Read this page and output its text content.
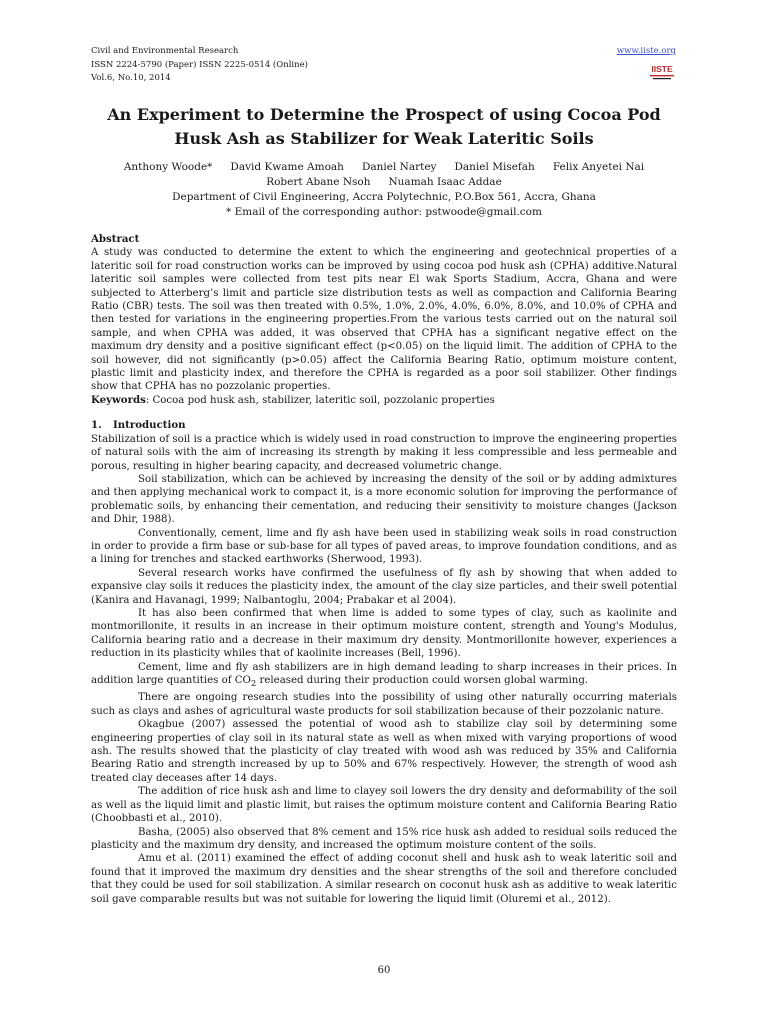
Civil and Environmental Research
ISSN 2224-5790 (Paper) ISSN 2225-0514 (Online)
Vol.6, No.10, 2014
www.iiste.org
IISTE
An Experiment to Determine the Prospect of using Cocoa Pod
Husk Ash as Stabilizer for Weak Lateritic Soils
Anthony Woode* David Kwame Amoah Daniel Nartey Daniel Misefah Felix Anyetei Nai
Robert Abane Nsoh Nuamah Isaac Addae
Department of Civil Engineering, Accra Polytechnic, P.O.Box 561, Accra, Ghana
* Email of the corresponding author: pstwoode@gmail.com
Abstract

A study was conducted to determine the extent to which the engineering and geotechnical properties of a lateritic soil for road construction works can be improved by using cocoa pod husk ash (CPHA) additive.Natural lateritic soil samples were collected from test pits near El wak Sports Stadium, Accra, Ghana and were subjected to Atterberg’s limit and particle size distribution tests as well as compaction and California Bearing Ratio (CBR) tests. The soil was then treated with 0.5%, 1.0%, 2.0%, 4.0%, 6.0%, 8.0%, and 10.0% of CPHA and then tested for variations in the engineering properties.From the various tests carried out on the natural soil sample, and when CPHA was added, it was observed that CPHA has a significant negative effect on the maximum dry density and a positive significant effect (p<0.05) on the liquid limit. The addition of CPHA to the soil however, did not significantly (p>0.05) affect the California Bearing Ratio, optimum moisture content, plastic limit and plasticity index, and therefore the CPHA is regarded as a poor soil stabilizer. Other findings show that CPHA has no pozzolanic properties.

Keywords: Cocoa pod husk ash, stabilizer, lateritic soil, pozzolanic properties

1. Introduction

Stabilization of soil is a practice which is widely used in road construction to improve the engineering properties of natural soils with the aim of increasing its strength by making it less compressible and less permeable and porous, resulting in higher bearing capacity, and decreased volumetric change.

Soil stabilization, which can be achieved by increasing the density of the soil or by adding admixtures and then applying mechanical work to compact it, is a more economic solution for improving the performance of problematic soils, by enhancing their cementation, and reducing their sensitivity to moisture changes (Jackson and Dhir, 1988).

Conventionally, cement, lime and fly ash have been used in stabilizing weak soils in road construction in order to provide a firm base or sub-base for all types of paved areas, to improve foundation conditions, and as a lining for trenches and stacked earthworks (Sherwood, 1993).

Several research works have confirmed the usefulness of fly ash by showing that when added to expansive clay soils it reduces the plasticity index, the amount of the clay size particles, and their swell potential (Kanira and Havanagi, 1999; Nalbantoglu, 2004; Prabakar et al 2004).

It has also been confirmed that when lime is added to some types of clay, such as kaolinite and montmorillonite, it results in an increase in their optimum moisture content, strength and Young's Modulus, California bearing ratio and a decrease in their maximum dry density. Montmorillonite however, experiences a reduction in its plasticity whiles that of kaolinite increases (Bell, 1996).

Cement, lime and fly ash stabilizers are in high demand leading to sharp increases in their prices. In addition large quantities of $CO_2$ released during their production could worsen global warming.

There are ongoing research studies into the possibility of using other naturally occurring materials such as clays and ashes of agricultural waste products for soil stabilization because of their pozzolanic nature.

Okagbue (2007) assessed the potential of wood ash to stabilize clay soil by determining some engineering properties of clay soil in its natural state as well as when mixed with varying proportions of wood ash. The results showed that the plasticity of clay treated with wood ash was reduced by 35% and California Bearing Ratio and strength increased by up to 50% and 67% respectively. However, the strength of wood ash treated clay deceases after 14 days.

The addition of rice husk ash and lime to clayey soil lowers the dry density and deformability of the soil as well as the liquid limit and plastic limit, but raises the optimum moisture content and California Bearing Ratio (Choobbasti et al., 2010).

Basha, (2005) also observed that 8% cement and 15% rice husk ash added to residual soils reduced the plasticity and the maximum dry density, and increased the optimum moisture content of the soils.

Amu et al. (2011) examined the effect of adding coconut shell and husk ash to weak lateritic soil and found that it improved the maximum dry densities and the shear strengths of the soil and therefore concluded that they could be used for soil stabilization. A similar research on coconut husk ash as additive to weak lateritic soil gave comparable results but was not suitable for lowering the liquid limit (Oluremi et al., 2012).

60
